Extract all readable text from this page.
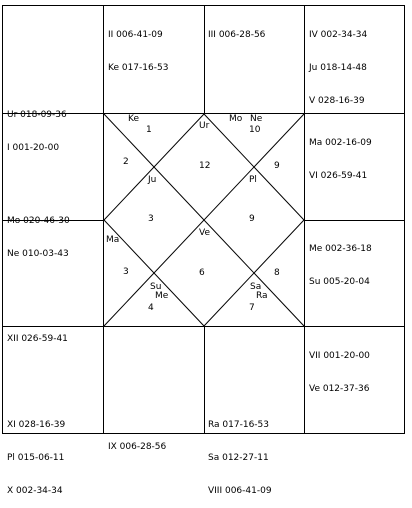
Ur 018-09-36

I 001-20-00

II 006-41-09

Ke 017-16-53

III 006-28-56

	IV 002-34-34

Ju 018-14-48

V 028-16-39

Ma 002-16-09

VI 026-59-41

Me 002-36-18

Su 005-20-04

VII 001-20-00

Ve 012-37-36

Ra 017-16-53

Sa 012-27-11

VIII 006-41-09

IX 006-28-56

XI 028-16-39

Pl 015-06-11

X 002-34-34

XII 026-59-41

Mo 020-46-30

Ne 010-03-43

Ke
1	Ur
Mo Ne
10
2	12	9
Ju	Pl
3	9
Ve
Ma
3	6	8
Su	Sa
Me	Ra
4	7
